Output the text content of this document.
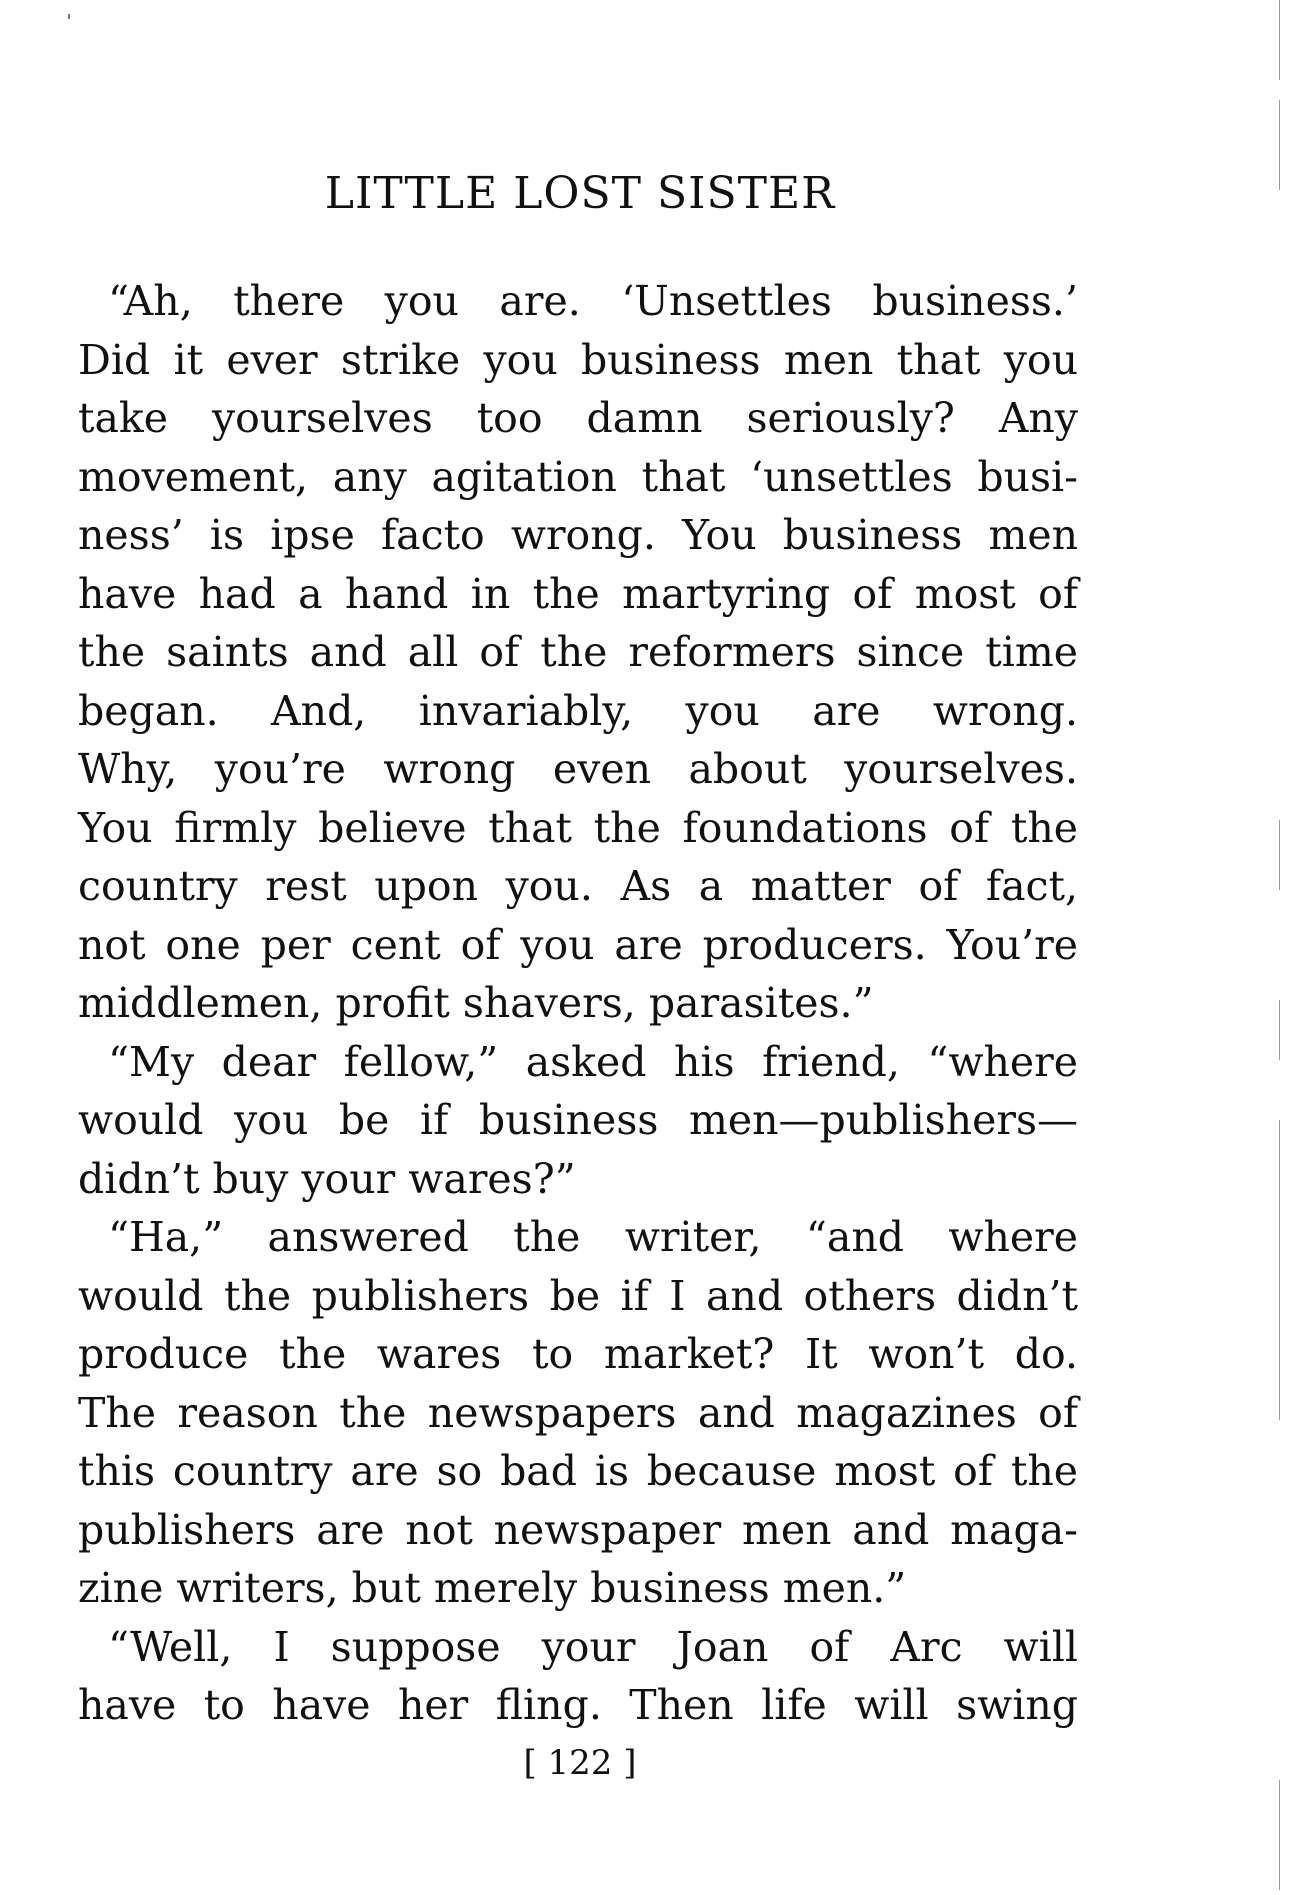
LITTLE LOST SISTER
“Ah, there you are. ‘Unsettles business.’
Did it ever strike you business men that you
take yourselves too damn seriously? Any
movement, any agitation that ‘unsettles busi-
ness’ is ipse facto wrong. You business men
have had a hand in the martyring of most of
the saints and all of the reformers since time
began. And, invariably, you are wrong.
Why, you’re wrong even about yourselves.
You firmly believe that the foundations of the
country rest upon you. As a matter of fact,
not one per cent of you are producers. You’re
middlemen, profit shavers, parasites.”
“My dear fellow,” asked his friend, “where
would you be if business men—publishers—
didn’t buy your wares?”
“Ha,” answered the writer, “and where
would the publishers be if I and others didn’t
produce the wares to market? It won’t do.
The reason the newspapers and magazines of
this country are so bad is because most of the
publishers are not newspaper men and maga-
zine writers, but merely business men.”
“Well, I suppose your Joan of Arc will
have to have her fling. Then life will swing
[ 122 ]
